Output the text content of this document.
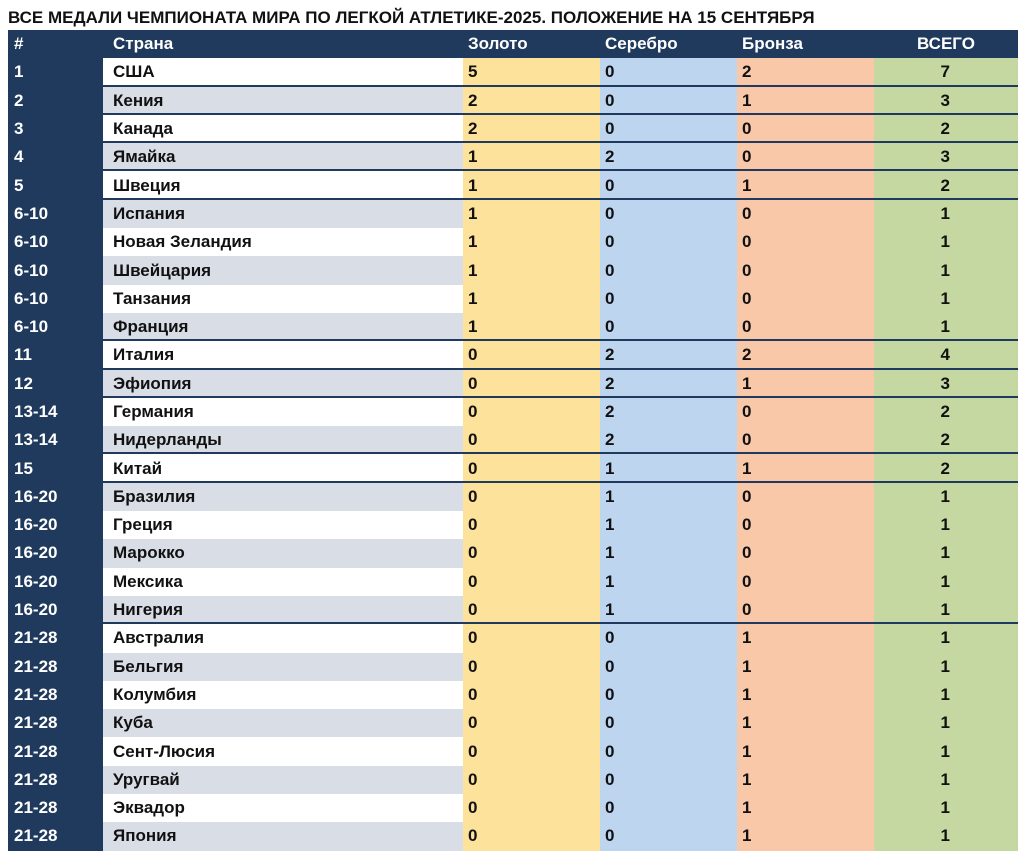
ВСЕ МЕДАЛИ ЧЕМПИОНАТА МИРА ПО ЛЕГКОЙ АТЛЕТИКЕ-2025. ПОЛОЖЕНИЕ НА 15 СЕНТЯБРЯ
#	Страна	Золото	Серебро	Бронза	ВСЕГО
1	США	5	0	2	7
2	Кения	2	0	1	3
3	Канада	2	0	0	2
4	Ямайка	1	2	0	3
5	Швеция	1	0	1	2
6-10	Испания	1	0	0	1
6-10	Новая Зеландия	1	0	0	1
6-10	Швейцария	1	0	0	1
6-10	Танзания	1	0	0	1
6-10	Франция	1	0	0	1
11	Италия	0	2	2	4
12	Эфиопия	0	2	1	3
13-14	Германия	0	2	0	2
13-14	Нидерланды	0	2	0	2
15	Китай	0	1	1	2
16-20	Бразилия	0	1	0	1
16-20	Греция	0	1	0	1
16-20	Марокко	0	1	0	1
16-20	Мексика	0	1	0	1
16-20	Нигерия	0	1	0	1
21-28	Австралия	0	0	1	1
21-28	Бельгия	0	0	1	1
21-28	Колумбия	0	0	1	1
21-28	Куба	0	0	1	1
21-28	Сент-Люсия	0	0	1	1
21-28	Уругвай	0	0	1	1
21-28	Эквадор	0	0	1	1
21-28	Япония	0	0	1	1
